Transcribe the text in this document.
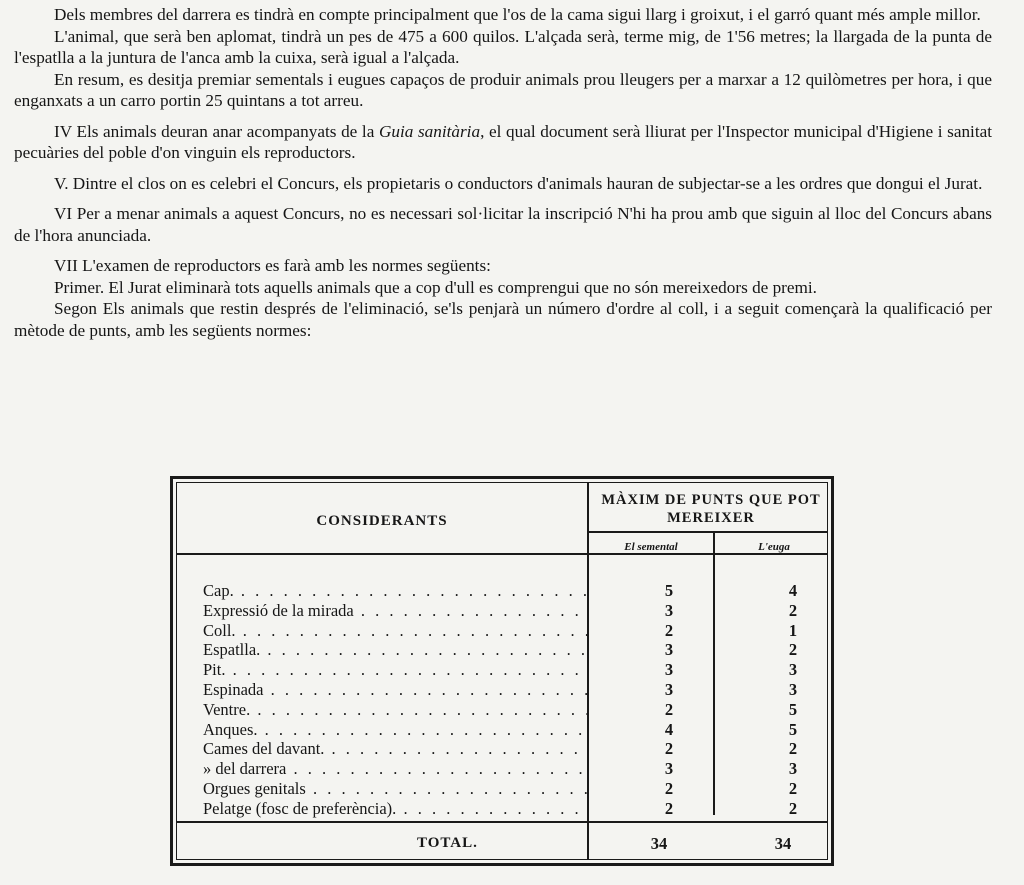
Dels membres del darrera es tindrà en compte principalment que l'os de la cama sigui llarg i groixut, i el garró quant més ample millor.

L'animal, que serà ben aplomat, tindrà un pes de 475 a 600 quilos. L'alçada serà, terme mig, de 1'56 metres; la llargada de la punta de l'espatlla a la juntura de l'anca amb la cuixa, serà igual a l'alçada.

En resum, es desitja premiar sementals i eugues capaços de produir animals prou lleugers per a marxar a 12 quilòmetres per hora, i que enganxats a un carro portin 25 quintans a tot arreu.

IV Els animals deuran anar acompanyats de la Guia sanitària, el qual document serà lliurat per l'Inspector municipal d'Higiene i sanitat pecuàries del poble d'on vinguin els reproductors.

V. Dintre el clos on es celebri el Concurs, els propietaris o conductors d'animals hauran de subjectar-se a les ordres que dongui el Jurat.

VI Per a menar animals a aquest Concurs, no es necessari sol·licitar la inscripció N'hi ha prou amb que siguin al lloc del Concurs abans de l'hora anunciada.

VII L'examen de reproductors es farà amb les normes següents:

Primer. El Jurat eliminarà tots aquells animals que a cop d'ull es comprengui que no són mereixedors de premi.

Segon Els animals que restin després de l'eliminació, se'ls penjarà un número d'ordre al coll, i a seguit començarà la qualificació per mètode de punts, amb les següents normes:

CONSIDERANTS
MÀXIM DE PUNTS QUE POT MEREIXER
El semental	L'euga
Cap. . . .	5	4
Expressió de la mirada . . .	3	2
Coll. . . .	2	1
Espatlla. . . .	3	2
Pit. . . .	3	3
Espinada . . .	3	3
Ventre. . . .	2	5
Anques. . . .	4	5
Cames del davant. . . .	2	2
» del darrera . . .	3	3
Orgues genitals . . .	2	2
Pelatge (fosc de preferència). . . .	2	2
TOTAL.	34	34
